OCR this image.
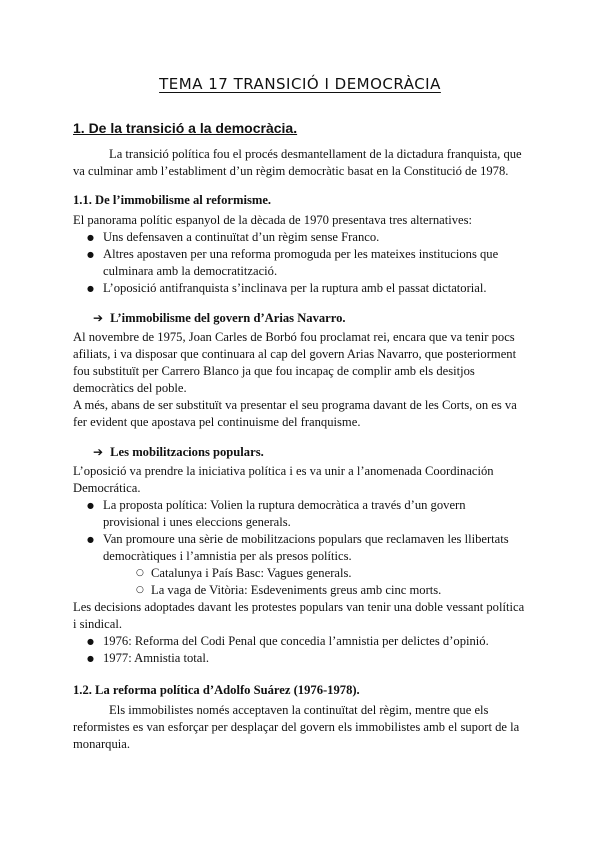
TEMA 17 TRANSICIÓ I DEMOCRÀCIA
1. De la transició a la democràcia.

La transició política fou el procés desmantellament de la dictadura franquista, que va culminar amb l’establiment d’un règim democràtic basat en la Constitució de 1978.

1.1. De l’immobilisme al reformisme.

El panorama polític espanyol de la dècada de 1970 presentava tres alternatives:

● Uns defensaven a continuïtat d’un règim sense Franco.
● Altres apostaven per una reforma promoguda per les mateixes institucions que culminara amb la democratització.
● L’oposició antifranquista s’inclinava per la ruptura amb el passat dictatorial.
➔ L’immobilisme del govern d’Arias Navarro.

Al novembre de 1975, Joan Carles de Borbó fou proclamat rei, encara que va tenir pocs afiliats, i va disposar que continuara al cap del govern Arias Navarro, que posteriorment fou substituït per Carrero Blanco ja que fou incapaç de complir amb els desitjos democràtics del poble.

A més, abans de ser substituït va presentar el seu programa davant de les Corts, on es va fer evident que apostava pel continuisme del franquisme.

➔ Les mobilitzacions populars.

L’oposició va prendre la iniciativa política i es va unir a l’anomenada Coordinación Democrática.

● La proposta política: Volien la ruptura democràtica a través d’un govern provisional i unes eleccions generals.
● Van promoure una sèrie de mobilitzacions populars que reclamaven les llibertats democràtiques i l’amnistia per als presos polítics.
○ Catalunya i País Basc: Vagues generals.
○ La vaga de Vitòria: Esdeveniments greus amb cinc morts.

Les decisions adoptades davant les protestes populars van tenir una doble vessant política i sindical.

● 1976: Reforma del Codi Penal que concedia l’amnistia per delictes d’opinió.
● 1977: Amnistia total.
1.2. La reforma política d’Adolfo Suárez (1976-1978).

Els immobilistes només acceptaven la continuïtat del règim, mentre que els reformistes es van esforçar per desplaçar del govern els immobilistes amb el suport de la monarquia.
